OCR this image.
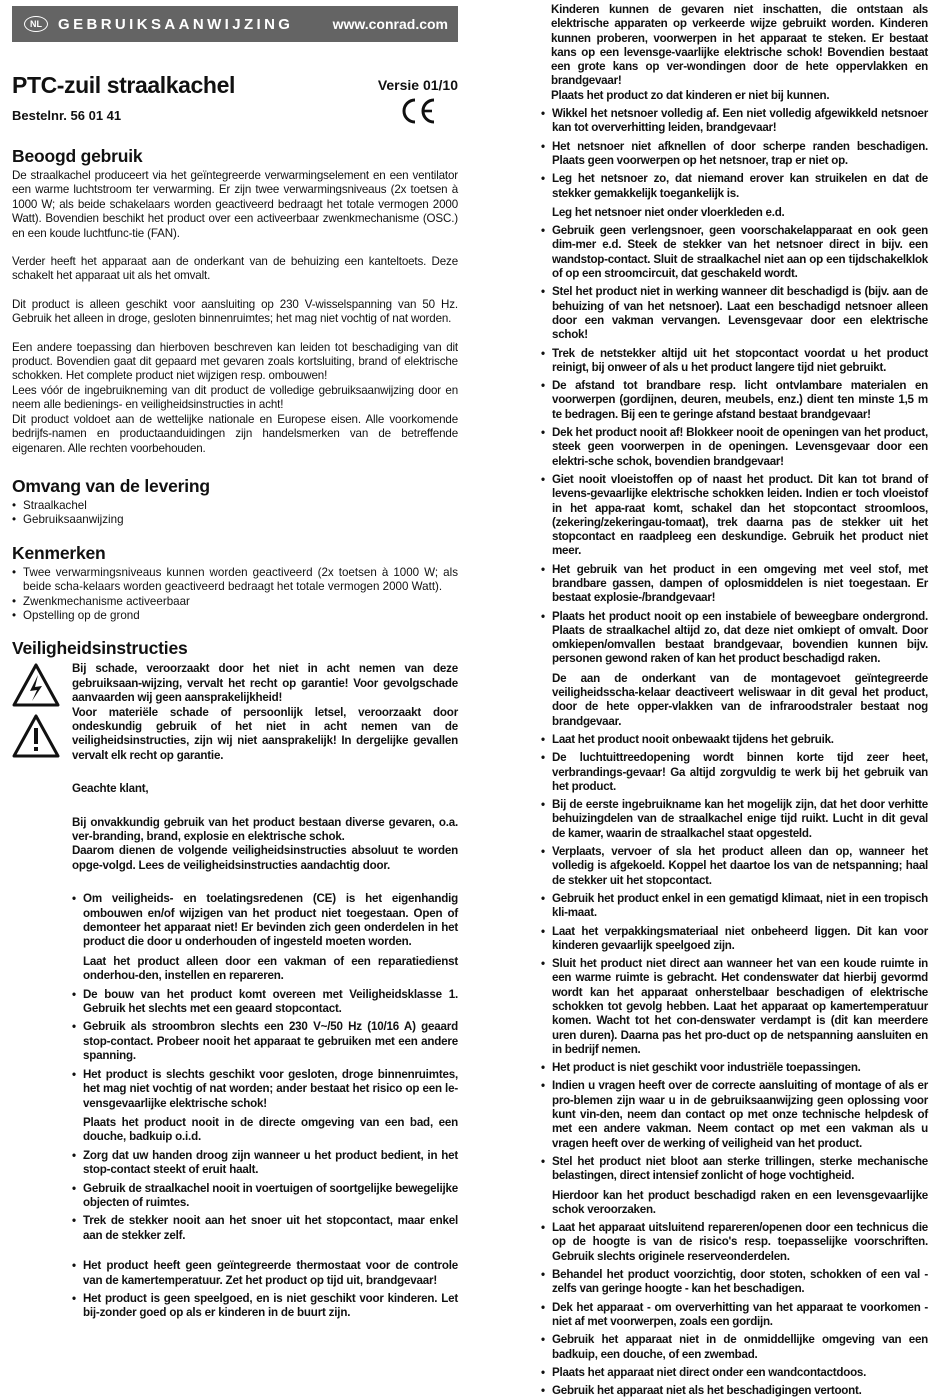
NL	GEBRUIKSAANWIJZING	www.conrad.com
PTC-zuil straalkachel	Versie 01/10
Bestelnr. 56 01 41
Beoogd gebruik

De straalkachel produceert via het geïntegreerde verwarmingselement en een ventilator een warme luchtstroom ter verwarming. Er zijn twee verwarmingsniveaus (2x toetsen à 1000 W; als beide schakelaars worden geactiveerd bedraagt het totale vermogen 2000 Watt). Bovendien beschikt het product over een activeerbaar zwenkmechanisme (OSC.) en een koude luchtfunc-tie (FAN).

Verder heeft het apparaat aan de onderkant van de behuizing een kanteltoets. Deze schakelt het apparaat uit als het omvalt.

Dit product is alleen geschikt voor aansluiting op 230 V-wisselspanning van 50 Hz. Gebruik het alleen in droge, gesloten binnenruimtes; het mag niet vochtig of nat worden.

Een andere toepassing dan hierboven beschreven kan leiden tot beschadiging van dit product. Bovendien gaat dit gepaard met gevaren zoals kortsluiting, brand of elektrische schokken. Het complete product niet wijzigen resp. ombouwen!

Lees vóór de ingebruikneming van dit product de volledige gebruiksaanwijzing door en neem alle bedienings- en veiligheidsinstructies in acht!

Dit product voldoet aan de wettelijke nationale en Europese eisen. Alle voorkomende bedrijfs-namen en productaanduidingen zijn handelsmerken van de betreffende eigenaren. Alle rechten voorbehouden.

Omvang van de levering
• Straalkachel
• Gebruiksaanwijzing
Kenmerken
• Twee verwarmingsniveaus kunnen worden geactiveerd (2x toetsen à 1000 W; als beide scha-kelaars worden geactiveerd bedraagt het totale vermogen 2000 Watt).
• Zwenkmechanisme activeerbaar
• Opstelling op de grond
Veiligheidsinstructies

Bij schade, veroorzaakt door het niet in acht nemen van deze gebruiksaan-wijzing, vervalt het recht op garantie! Voor gevolgschade aanvaarden wij geen aansprakelijkheid!

Voor materiële schade of persoonlijk letsel, veroorzaakt door ondeskundig gebruik of het niet in acht nemen van de veiligheidsinstructies, zijn wij niet aansprakelijk! In dergelijke gevallen vervalt elk recht op garantie.

Geachte klant,

Bij onvakkundig gebruik van het product bestaan diverse gevaren, o.a. ver-branding, brand, explosie en elektrische schok.

Daarom dienen de volgende veiligheidsinstructies absoluut te worden opge-volgd. Lees de veiligheidsinstructies aandachtig door.

• Om veiligheids- en toelatingsredenen (CE) is het eigenhandig ombouwen en/of wijzigen van het product niet toegestaan. Open of demonteer het apparaat niet! Er bevinden zich geen onderdelen in het product die door u onderhouden of ingesteld moeten worden.

Laat het product alleen door een vakman of een reparatiedienst onderhou-den, instellen en repareren.

• De bouw van het product komt overeen met Veiligheidsklasse 1. Gebruik het slechts met een geaard stopcontact.
• Gebruik als stroombron slechts een 230 V~/50 Hz (10/16 A) geaard stop-contact. Probeer nooit het apparaat te gebruiken met een andere spanning.
• Het product is slechts geschikt voor gesloten, droge binnenruimtes, het mag niet vochtig of nat worden; ander bestaat het risico op een le-vensgevaarlijke elektrische schok!

Plaats het product nooit in de directe omgeving van een bad, een douche, badkuip o.i.d.

• Zorg dat uw handen droog zijn wanneer u het product bedient, in het stop-contact steekt of eruit haalt.
• Gebruik de straalkachel nooit in voertuigen of soortgelijke bewegelijke objecten of ruimtes.
• Trek de stekker nooit aan het snoer uit het stopcontact, maar enkel aan de stekker zelf.
• Het product heeft geen geïntegreerde thermostaat voor de controle van de kamertemperatuur. Zet het product op tijd uit, brandgevaar!
• Het product is geen speelgoed, en is niet geschikt voor kinderen. Let bij-zonder goed op als er kinderen in de buurt zijn.

Kinderen kunnen de gevaren niet inschatten, die ontstaan als elektrische apparaten op verkeerde wijze gebruikt worden. Kinderen kunnen proberen, voorwerpen in het apparaat te steken. Er bestaat kans op een levensge-vaarlijke elektrische schok! Bovendien bestaat een grote kans op ver-wondingen door de hete oppervlakken en brandgevaar!
Plaats het product zo dat kinderen er niet bij kunnen.

• Wikkel het netsnoer volledig af. Een niet volledig afgewikkeld netsnoer kan tot oververhitting leiden, brandgevaar!
• Het netsnoer niet afknellen of door scherpe randen beschadigen. Plaats geen voorwerpen op het netsnoer, trap er niet op.
• Leg het netsnoer zo, dat niemand erover kan struikelen en dat de stekker gemakkelijk toegankelijk is.

Leg het netsnoer niet onder vloerkleden e.d.

• Gebruik geen verlengsnoer, geen voorschakelapparaat en ook geen dim-mer e.d. Steek de stekker van het netsnoer direct in bijv. een wandstop-contact. Sluit de straalkachel niet aan op een tijdschakelklok of op een stroomcircuit, dat geschakeld wordt.
• Stel het product niet in werking wanneer dit beschadigd is (bijv. aan de behuizing of van het netsnoer). Laat een beschadigd netsnoer alleen door een vakman vervangen. Levensgevaar door een elektrische schok!
• Trek de netstekker altijd uit het stopcontact voordat u het product reinigt, bij onweer of als u het product langere tijd niet gebruikt.
• De afstand tot brandbare resp. licht ontvlambare materialen en voorwerpen (gordijnen, deuren, meubels, enz.) dient ten minste 1,5 m te bedragen. Bij een te geringe afstand bestaat brandgevaar!
• Dek het product nooit af! Blokkeer nooit de openingen van het product, steek geen voorwerpen in de openingen. Levensgevaar door een elektri-sche schok, bovendien brandgevaar!
• Giet nooit vloeistoffen op of naast het product. Dit kan tot brand of levens-gevaarlijke elektrische schokken leiden. Indien er toch vloeistof in het appa-raat komt, schakel dan het stopcontact stroomloos, (zekering/zekeringau-tomaat), trek daarna pas de stekker uit het stopcontact en raadpleeg een deskundige. Gebruik het product niet meer.
• Het gebruik van het product in een omgeving met veel stof, met brandbare gassen, dampen of oplosmiddelen is niet toegestaan. Er bestaat explosie-/brandgevaar!
• Plaats het product nooit op een instabiele of beweegbare ondergrond. Plaats de straalkachel altijd zo, dat deze niet omkiept of omvalt. Door omkiepen/omvallen bestaat brandgevaar, bovendien kunnen bijv. personen gewond raken of kan het product beschadigd raken.

De aan de onderkant van de montagevoet geïntegreerde veiligheidsscha-kelaar deactiveert weliswaar in dit geval het product, door de hete opper-vlakken van de infraroodstraler bestaat nog brandgevaar.

• Laat het product nooit onbewaakt tijdens het gebruik.
• De luchtuittreedopening wordt binnen korte tijd zeer heet, verbrandings-gevaar! Ga altijd zorgvuldig te werk bij het gebruik van het product.
• Bij de eerste ingebruikname kan het mogelijk zijn, dat het door verhitte behuizingdelen van de straalkachel enige tijd ruikt. Lucht in dit geval de kamer, waarin de straalkachel staat opgesteld.
• Verplaats, vervoer of sla het product alleen dan op, wanneer het volledig is afgekoeld. Koppel het daartoe los van de netspanning; haal de stekker uit het stopcontact.
• Gebruik het product enkel in een gematigd klimaat, niet in een tropisch kli-maat.
• Laat het verpakkingsmateriaal niet onbeheerd liggen. Dit kan voor kinderen gevaarlijk speelgoed zijn.
• Sluit het product niet direct aan wanneer het van een koude ruimte in een warme ruimte is gebracht. Het condenswater dat hierbij gevormd wordt kan het apparaat onherstelbaar beschadigen of elektrische schokken tot gevolg hebben. Laat het apparaat op kamertemperatuur komen. Wacht tot het con-denswater verdampt is (dit kan meerdere uren duren). Daarna pas het pro-duct op de netspanning aansluiten en in bedrijf nemen.
• Het product is niet geschikt voor industriële toepassingen.
• Indien u vragen heeft over de correcte aansluiting of montage of als er pro-blemen zijn waar u in de gebruiksaanwijzing geen oplossing voor kunt vin-den, neem dan contact op met onze technische helpdesk of met een andere vakman. Neem contact op met een vakman als u vragen heeft over de werking of veiligheid van het product.
• Stel het product niet bloot aan sterke trillingen, sterke mechanische belastingen, direct intensief zonlicht of hoge vochtigheid.

Hierdoor kan het product beschadigd raken en een levensgevaarlijke schok veroorzaken.

• Laat het apparaat uitsluitend repareren/openen door een technicus die op de hoogte is van de risico's resp. toepasselijke voorschriften. Gebruik slechts originele reserveonderdelen.
• Behandel het product voorzichtig, door stoten, schokken of een val - zelfs van geringe hoogte - kan het beschadigen.
• Dek het apparaat - om oververhitting van het apparaat te voorkomen - niet af met voorwerpen, zoals een gordijn.
• Gebruik het apparaat niet in de onmiddellijke omgeving van een badkuip, een douche, of een zwembad.
• Plaats het apparaat niet direct onder een wandcontactdoos.
• Gebruik het apparaat niet als het beschadigingen vertoont.
